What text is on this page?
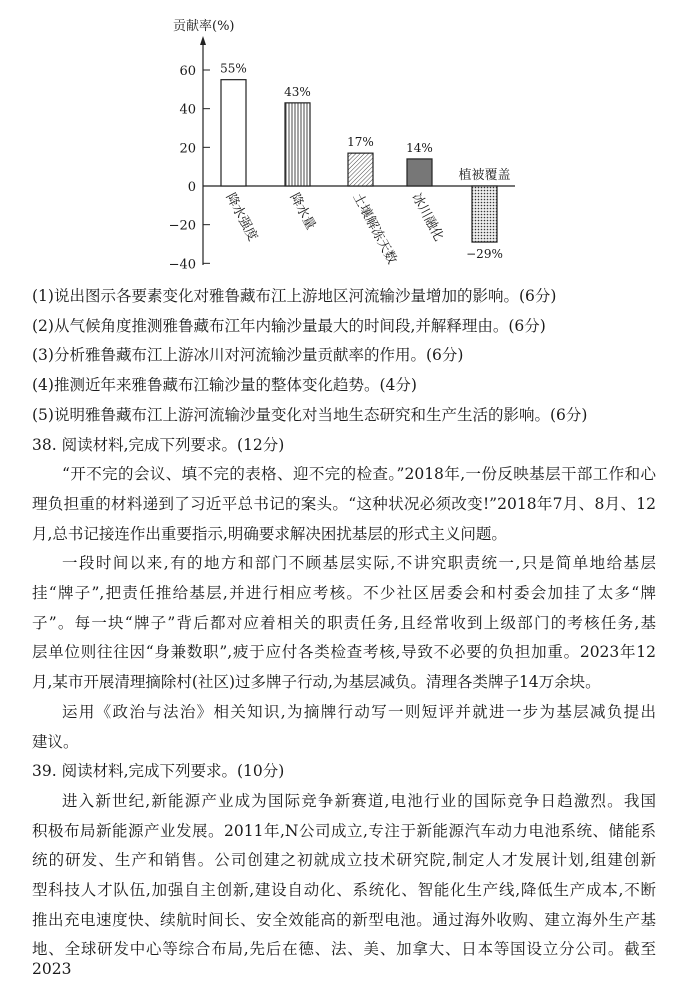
贡献率(%)
60
40
20
0
−20
−40
55%
降水强度
43%
降水量
17%
土壤解冻天数
14%
冰川融化
−29%
植被覆盖
(1)说出图示各要素变化对雅鲁藏布江上游地区河流输沙量增加的影响。(6分)
(2)从气候角度推测雅鲁藏布江年内输沙量最大的时间段,并解释理由。(6分)
(3)分析雅鲁藏布江上游冰川对河流输沙量贡献率的作用。(6分)
(4)推测近年来雅鲁藏布江输沙量的整体变化趋势。(4分)
(5)说明雅鲁藏布江上游河流输沙量变化对当地生态研究和生产生活的影响。(6分)
38. 阅读材料,完成下列要求。(12分)
“开不完的会议、填不完的表格、迎不完的检查。”2018年,一份反映基层干部工作和心
理负担重的材料递到了习近平总书记的案头。“这种状况必须改变!”2018年7月、8月、12
月,总书记接连作出重要指示,明确要求解决困扰基层的形式主义问题。
一段时间以来,有的地方和部门不顾基层实际,不讲究职责统一,只是简单地给基层
挂“牌子”,把责任推给基层,并进行相应考核。不少社区居委会和村委会加挂了太多“牌
子”。每一块“牌子”背后都对应着相关的职责任务,且经常收到上级部门的考核任务,基
层单位则往往因“身兼数职”,疲于应付各类检查考核,导致不必要的负担加重。2023年12
月,某市开展清理摘除村(社区)过多牌子行动,为基层减负。清理各类牌子14万余块。
运用《政治与法治》相关知识,为摘牌行动写一则短评并就进一步为基层减负提出
建议。
39. 阅读材料,完成下列要求。(10分)
进入新世纪,新能源产业成为国际竞争新赛道,电池行业的国际竞争日趋激烈。我国
积极布局新能源产业发展。2011年,N公司成立,专注于新能源汽车动力电池系统、储能系
统的研发、生产和销售。公司创建之初就成立技术研究院,制定人才发展计划,组建创新
型科技人才队伍,加强自主创新,建设自动化、系统化、智能化生产线,降低生产成本,不断
推出充电速度快、续航时间长、安全效能高的新型电池。通过海外收购、建立海外生产基
地、全球研发中心等综合布局,先后在德、法、美、加拿大、日本等国设立分公司。截至2023
